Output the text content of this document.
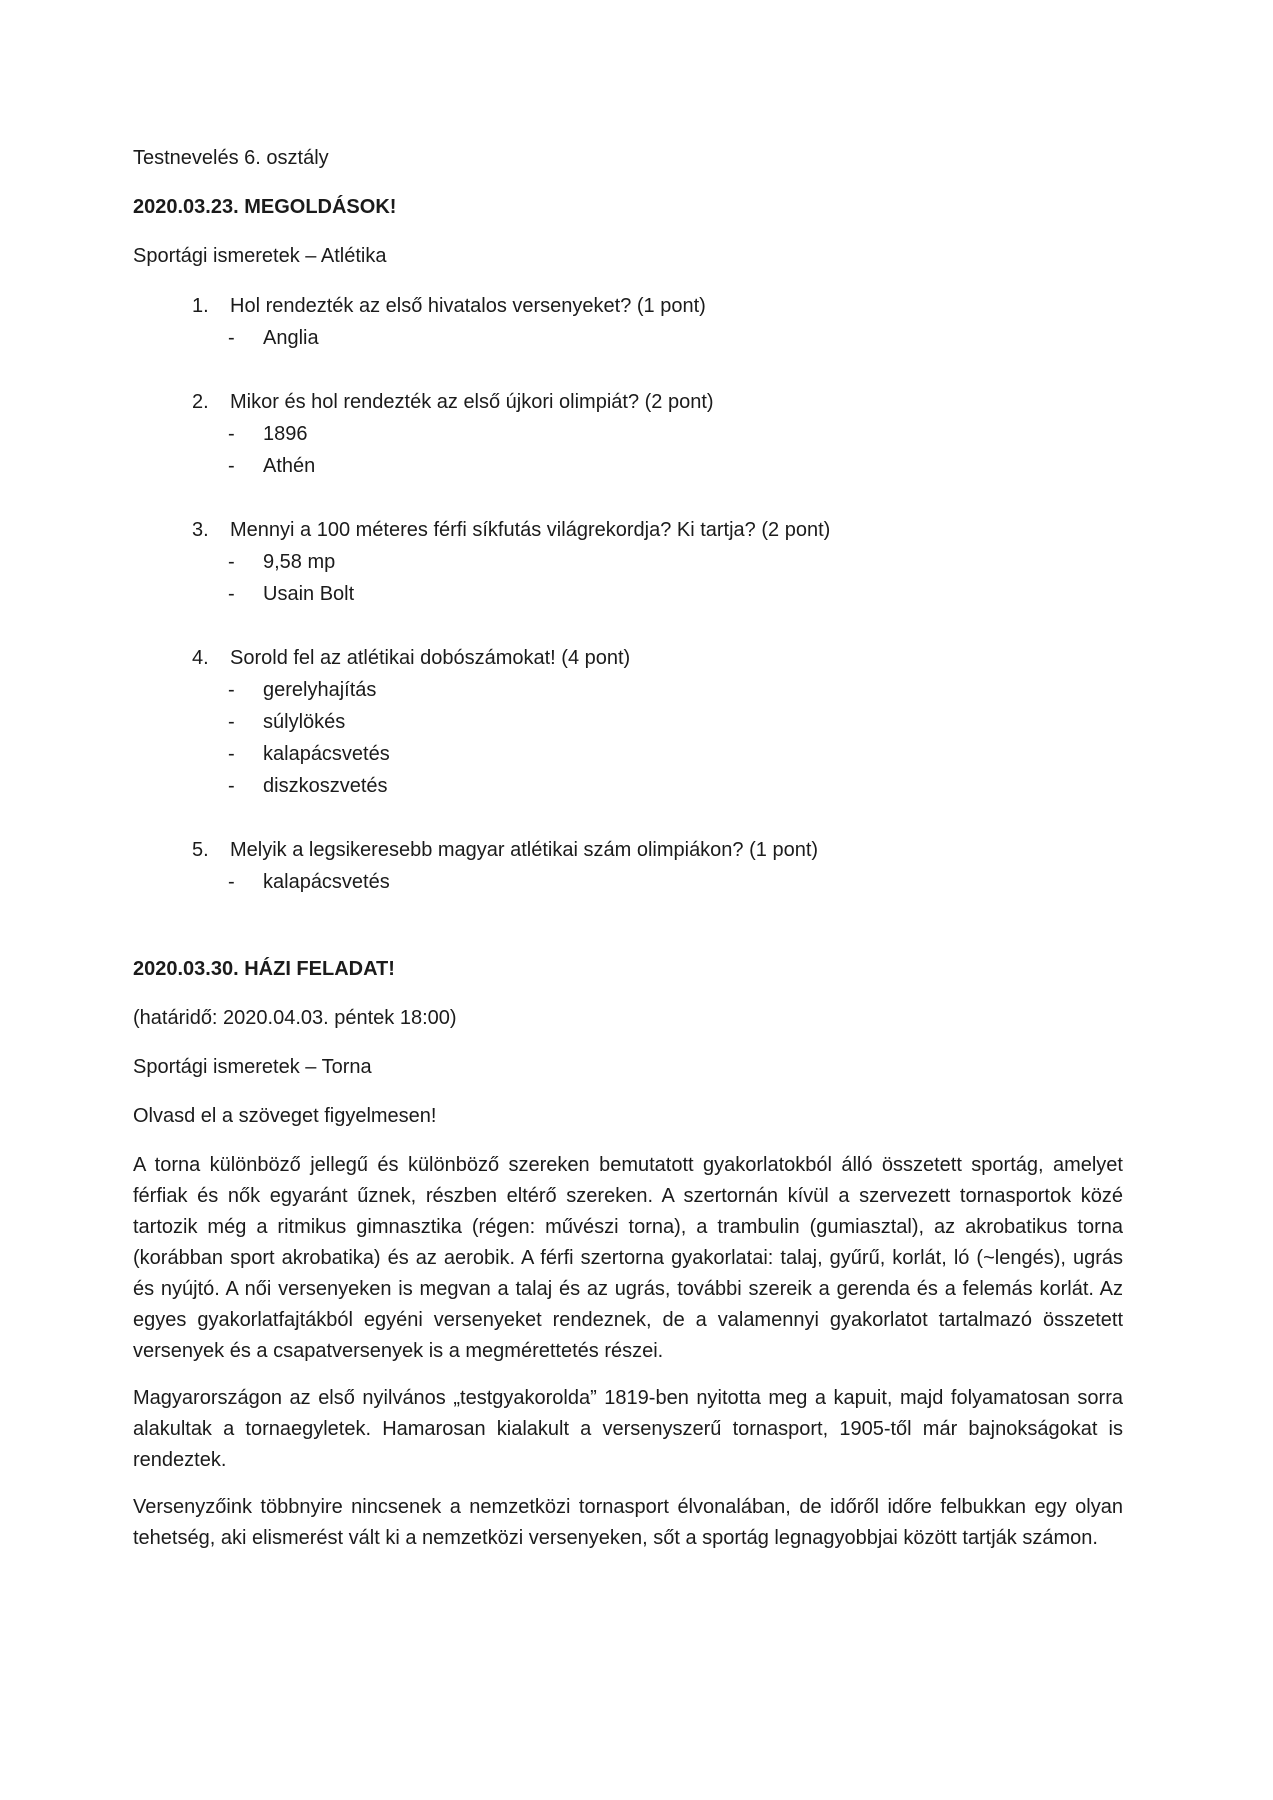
Testnevelés 6. osztály

2020.03.23. MEGOLDÁSOK!

Sportági ismeretek – Atlétika

1.	Hol rendezték az első hivatalos versenyeket? (1 pont)
-	Anglia
2.	Mikor és hol rendezték az első újkori olimpiát? (2 pont)
-	1896
-	Athén
3.	Mennyi a 100 méteres férfi síkfutás világrekordja? Ki tartja? (2 pont)
-	9,58 mp
-	Usain Bolt
4.	Sorold fel az atlétikai dobószámokat! (4 pont)
-	gerelyhajítás
-	súlylökés
-	kalapácsvetés
-	diszkoszvetés
5.	Melyik a legsikeresebb magyar atlétikai szám olimpiákon? (1 pont)
-	kalapácsvetés

2020.03.30. HÁZI FELADAT!

(határidő: 2020.04.03. péntek 18:00)

Sportági ismeretek – Torna

Olvasd el a szöveget figyelmesen!

A torna különböző jellegű és különböző szereken bemutatott gyakorlatokból álló összetett sportág, amelyet férfiak és nők egyaránt űznek, részben eltérő szereken. A szertornán kívül a szervezett tornasportok közé tartozik még a ritmikus gimnasztika (régen: művészi torna), a trambulin (gumiasztal), az akrobatikus torna (korábban sport akrobatika) és az aerobik. A férfi szertorna gyakorlatai: talaj, gyűrű, korlát, ló (~lengés), ugrás és nyújtó. A női versenyeken is megvan a talaj és az ugrás, további szereik a gerenda és a felemás korlát. Az egyes gyakorlatfajtákból egyéni versenyeket rendeznek, de a valamennyi gyakorlatot tartalmazó összetett versenyek és a csapatversenyek is a megmérettetés részei.

Magyarországon az első nyilvános „testgyakorolda” 1819-ben nyitotta meg a kapuit, majd folyamatosan sorra alakultak a tornaegyletek. Hamarosan kialakult a versenyszerű tornasport, 1905-től már bajnokságokat is rendeztek.

Versenyzőink többnyire nincsenek a nemzetközi tornasport élvonalában, de időről időre felbukkan egy olyan tehetség, aki elismerést vált ki a nemzetközi versenyeken, sőt a sportág legnagyobbjai között tartják számon.
